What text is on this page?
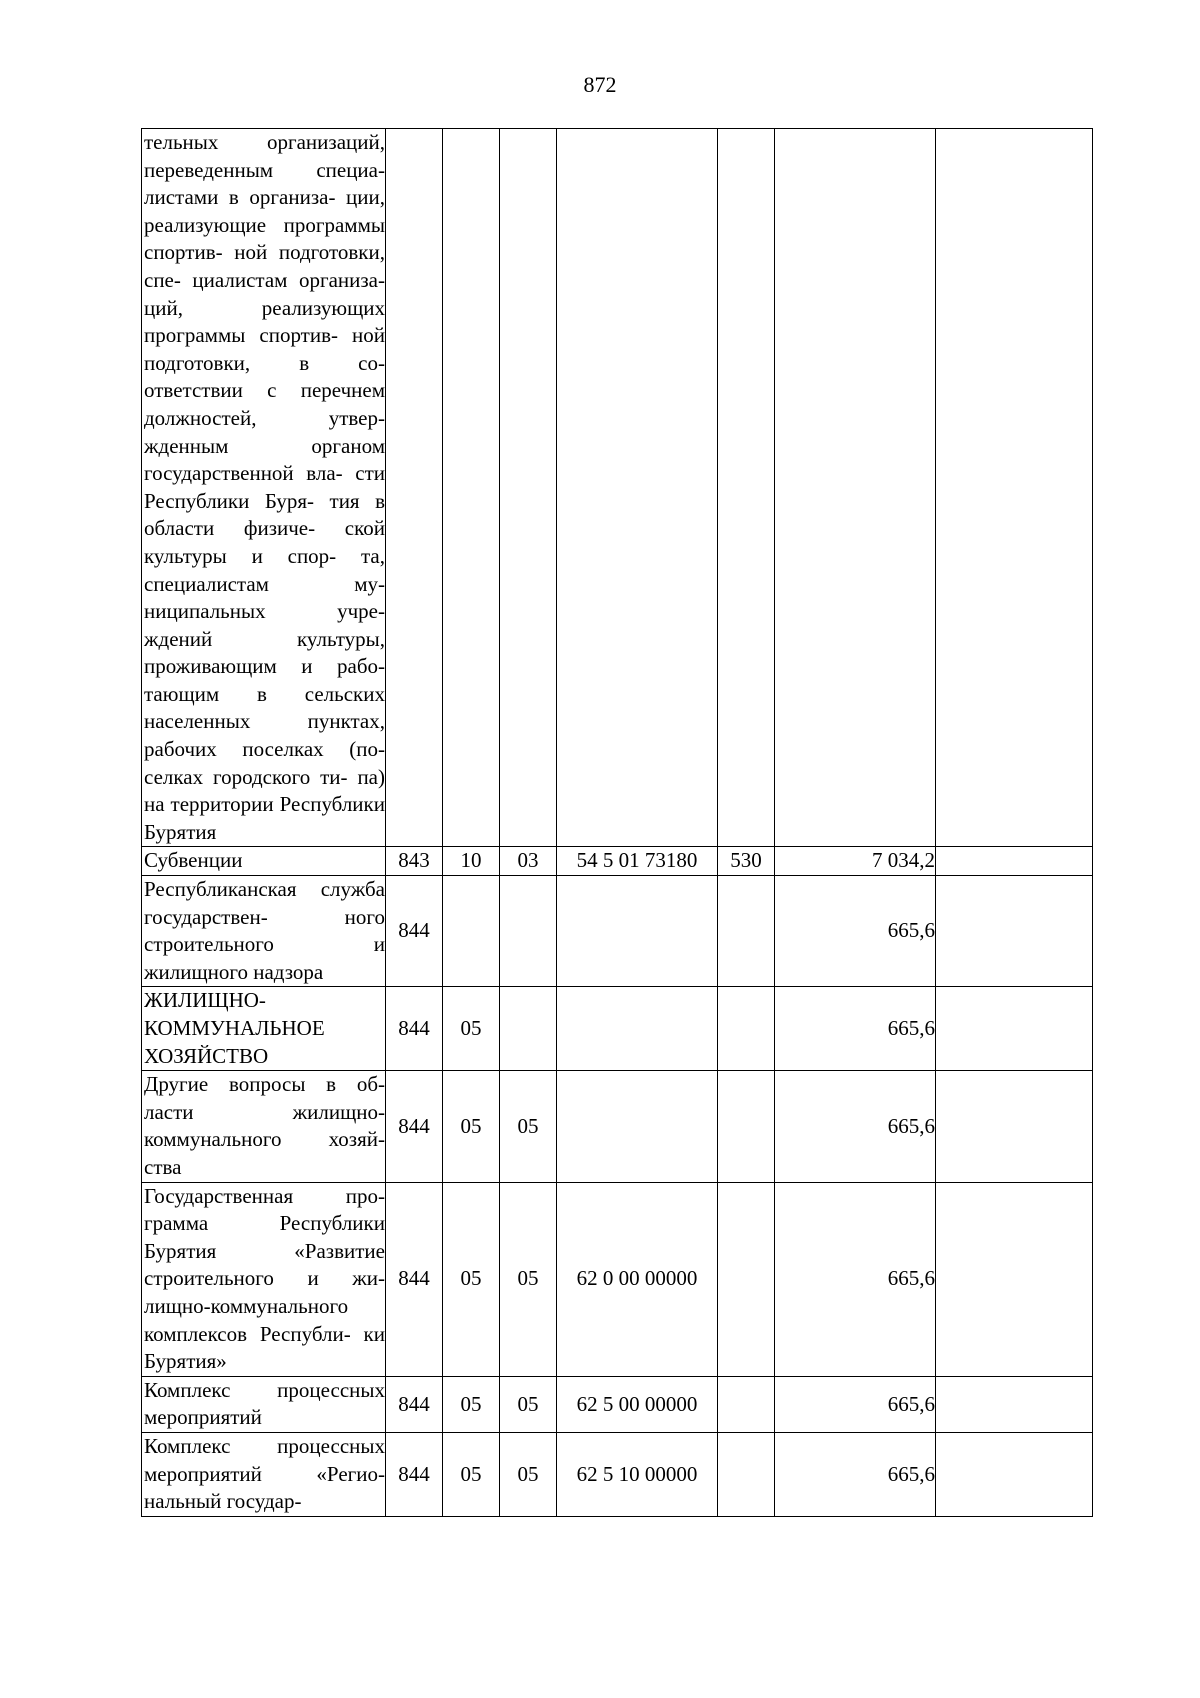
872
тельных организаций, переведенным специа- листами в организа- ции, реализующие программы спортив- ной подготовки, спе- циалистам организа- ций, реализующих программы спортив- ной подготовки, в со- ответствии с перечнем должностей, утвер- жденным органом государственной вла- сти Республики Буря- тия в области физиче- ской культуры и спор- та, специалистам му- ниципальных учре- ждений культуры, проживающим и рабо- тающим в сельских населенных пунктах, рабочих поселках (по- селках городского ти- па) на территории Республики Бурятия							
Субвенции	843	10	03	54 5 01 73180	530	7 034,2	
Республиканская служба государствен- ного строительного и жилищного надзора	844					665,6	
ЖИЛИЩНО- КОММУНАЛЬНОЕ ХОЗЯЙСТВО	844	05				665,6	
Другие вопросы в об- ласти жилищно- коммунального хозяй- ства	844	05	05			665,6	
Государственная про- грамма Республики Бурятия «Развитие строительного и жи- лищно-коммунального комплексов Республи- ки Бурятия»	844	05	05	62 0 00 00000		665,6	
Комплекс процессных мероприятий	844	05	05	62 5 00 00000		665,6	
Комплекс процессных мероприятий «Регио- нальный государ-	844	05	05	62 5 10 00000		665,6	
